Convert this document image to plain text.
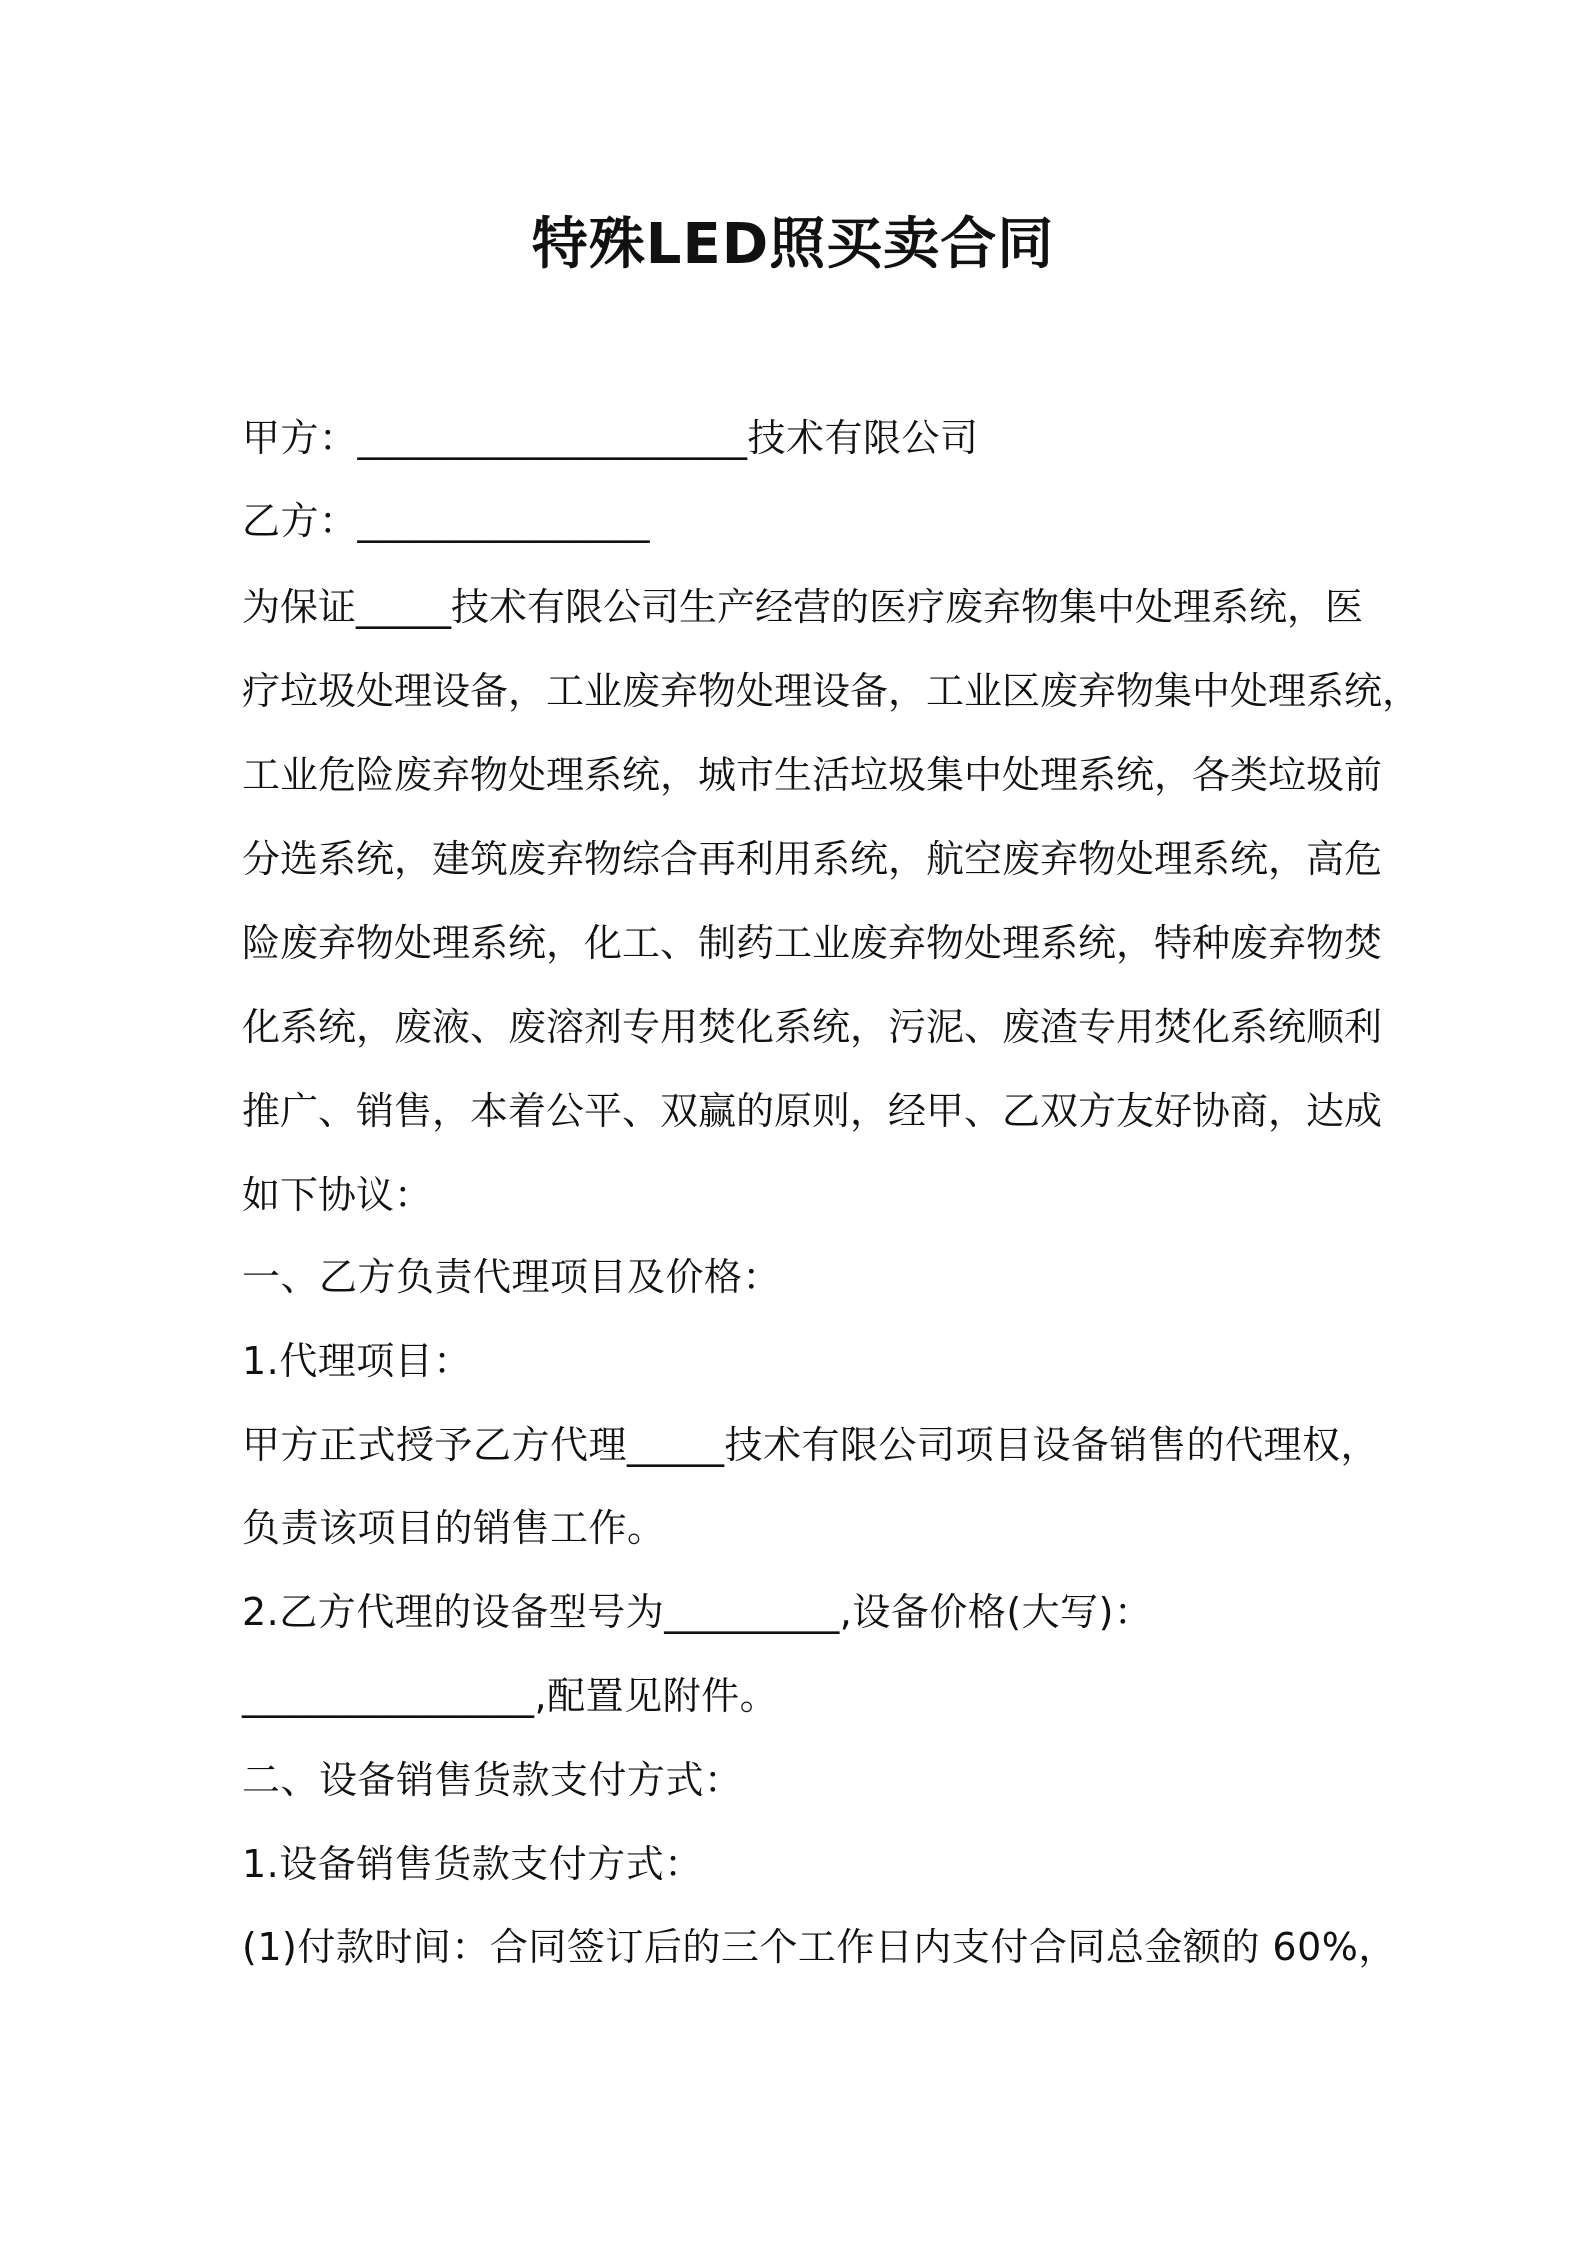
特殊LED照买卖合同
甲方：____________________技术有限公司
乙方：_______________
为保证_____技术有限公司生产经营的医疗废弃物集中处理系统，医
疗垃圾处理设备，工业废弃物处理设备，工业区废弃物集中处理系统，
工业危险废弃物处理系统，城市生活垃圾集中处理系统，各类垃圾前
分选系统，建筑废弃物综合再利用系统，航空废弃物处理系统，高危
险废弃物处理系统，化工、制药工业废弃物处理系统，特种废弃物焚
化系统，废液、废溶剂专用焚化系统，污泥、废渣专用焚化系统顺利
推广、销售，本着公平、双赢的原则，经甲、乙双方友好协商，达成
如下协议：
一、乙方负责代理项目及价格：
1.代理项目：
甲方正式授予乙方代理_____技术有限公司项目设备销售的代理权，
负责该项目的销售工作。
2.乙方代理的设备型号为_________,设备价格(大写)：
_______________,配置见附件。
二、设备销售货款支付方式：
1.设备销售货款支付方式：
(1)付款时间：合同签订后的三个工作日内支付合同总金额的 60%，
